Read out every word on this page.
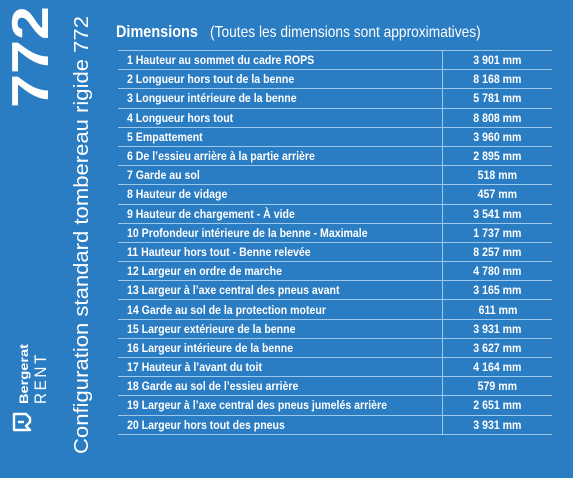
772 Configuration standard tombereau rigide 772
Bergerat RENT
Dimensions (Toutes les dimensions sont approximatives)
1 Hauteur au sommet du cadre ROPS	3 901 mm
2 Longueur hors tout de la benne	8 168 mm
3 Longueur intérieure de la benne	5 781 mm
4 Longueur hors tout	8 808 mm
5 Empattement	3 960 mm
6 De l’essieu arrière à la partie arrière	2 895 mm
7 Garde au sol	518 mm
8 Hauteur de vidage	457 mm
9 Hauteur de chargement - À vide	3 541 mm
10 Profondeur intérieure de la benne - Maximale	1 737 mm
11 Hauteur hors tout - Benne relevée	8 257 mm
12 Largeur en ordre de marche	4 780 mm
13 Largeur à l’axe central des pneus avant	3 165 mm
14 Garde au sol de la protection moteur	611 mm
15 Largeur extérieure de la benne	3 931 mm
16 Largeur intérieure de la benne	3 627 mm
17 Hauteur à l’avant du toit	4 164 mm
18 Garde au sol de l’essieu arrière	579 mm
19 Largeur à l’axe central des pneus jumelés arrière	2 651 mm
20 Largeur hors tout des pneus	3 931 mm
